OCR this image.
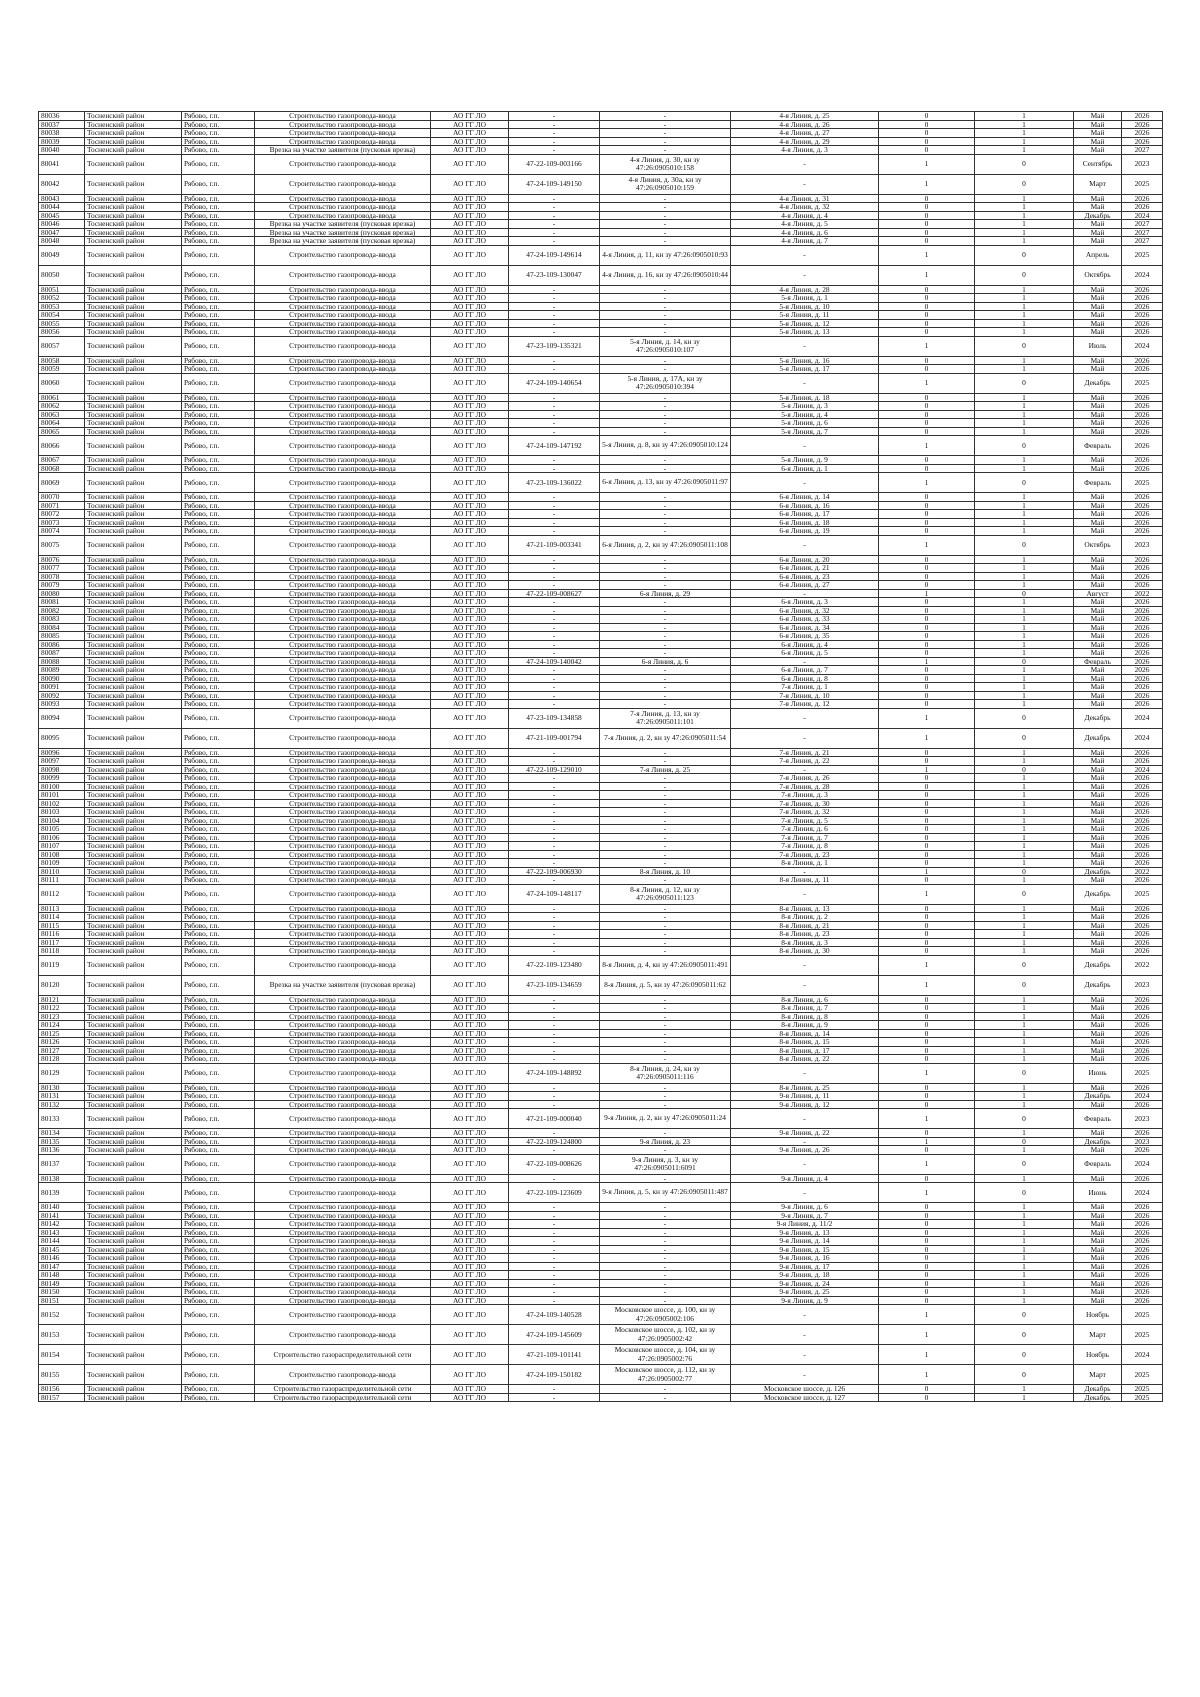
80036	Тосненский район	Рябово, г.п.	Строительство газопровода-ввода	АО ГГ ЛО	-	-	4-я Линия, д. 25	0	1	Май	2026
80037	Тосненский район	Рябово, г.п.	Строительство газопровода-ввода	АО ГГ ЛО	-	-	4-я Линия, д. 26	0	1	Май	2026
80038	Тосненский район	Рябово, г.п.	Строительство газопровода-ввода	АО ГГ ЛО	-	-	4-я Линия, д. 27	0	1	Май	2026
80039	Тосненский район	Рябово, г.п.	Строительство газопровода-ввода	АО ГГ ЛО	-	-	4-я Линия, д. 29	0	1	Май	2026
80040	Тосненский район	Рябово, г.п.	Врезка на участке заявителя (пусковая врезка)	АО ГГ ЛО	-	-	4-я Линия, д. 3	0	1	Май	2027
80041	Тосненский район	Рябово, г.п.	Строительство газопровода-ввода	АО ГГ ЛО	47-22-109-003166	4-я Линия, д. 30, кн зу 47:26:0905010:158	-	1	0	Сентябрь	2023
80042	Тосненский район	Рябово, г.п.	Строительство газопровода-ввода	АО ГГ ЛО	47-24-109-149150	4-я Линия, д. 30а, кн зу 47:26:0905010:159	-	1	0	Март	2025
80043	Тосненский район	Рябово, г.п.	Строительство газопровода-ввода	АО ГГ ЛО	-	-	4-я Линия, д. 31	0	1	Май	2026
80044	Тосненский район	Рябово, г.п.	Строительство газопровода-ввода	АО ГГ ЛО	-	-	4-я Линия, д. 32	0	1	Май	2026
80045	Тосненский район	Рябово, г.п.	Строительство газопровода-ввода	АО ГГ ЛО	-	-	4-я Линия, д. 4	0	1	Декабрь	2024
80046	Тосненский район	Рябово, г.п.	Врезка на участке заявителя (пусковая врезка)	АО ГГ ЛО	-	-	4-я Линия, д. 5	0	1	Май	2027
80047	Тосненский район	Рябово, г.п.	Врезка на участке заявителя (пусковая врезка)	АО ГГ ЛО	-	-	4-я Линия, д. 6	0	1	Май	2027
80048	Тосненский район	Рябово, г.п.	Врезка на участке заявителя (пусковая врезка)	АО ГГ ЛО	-	-	4-я Линия, д. 7	0	1	Май	2027
80049	Тосненский район	Рябово, г.п.	Строительство газопровода-ввода	АО ГГ ЛО	47-24-109-149614	4-я Линия, д. 11, кн зу 47:26:0905010:93	-	1	0	Апрель	2025
80050	Тосненский район	Рябово, г.п.	Строительство газопровода-ввода	АО ГГ ЛО	47-23-109-130047	4-я Линия, д. 16, кн зу 47:26:0905010:44	-	1	0	Октябрь	2024
80051	Тосненский район	Рябово, г.п.	Строительство газопровода-ввода	АО ГГ ЛО	-	-	4-я Линия, д. 28	0	1	Май	2026
80052	Тосненский район	Рябово, г.п.	Строительство газопровода-ввода	АО ГГ ЛО	-	-	5-я Линия, д. 1	0	1	Май	2026
80053	Тосненский район	Рябово, г.п.	Строительство газопровода-ввода	АО ГГ ЛО	-	-	5-я Линия, д. 10	0	1	Май	2026
80054	Тосненский район	Рябово, г.п.	Строительство газопровода-ввода	АО ГГ ЛО	-	-	5-я Линия, д. 11	0	1	Май	2026
80055	Тосненский район	Рябово, г.п.	Строительство газопровода-ввода	АО ГГ ЛО	-	-	5-я Линия, д. 12	0	1	Май	2026
80056	Тосненский район	Рябово, г.п.	Строительство газопровода-ввода	АО ГГ ЛО	-	-	5-я Линия, д. 13	0	1	Май	2026
80057	Тосненский район	Рябово, г.п.	Строительство газопровода-ввода	АО ГГ ЛО	47-23-109-135321	5-я Линия, д. 14, кн зу 47:26:0905010:107	-	1	0	Июль	2024
80058	Тосненский район	Рябово, г.п.	Строительство газопровода-ввода	АО ГГ ЛО	-	-	5-я Линия, д. 16	0	1	Май	2026
80059	Тосненский район	Рябово, г.п.	Строительство газопровода-ввода	АО ГГ ЛО	-	-	5-я Линия, д. 17	0	1	Май	2026
80060	Тосненский район	Рябово, г.п.	Строительство газопровода-ввода	АО ГГ ЛО	47-24-109-140654	5-я Линия, д. 17А, кн зу 47:26:0905010:394	-	1	0	Декабрь	2025
80061	Тосненский район	Рябово, г.п.	Строительство газопровода-ввода	АО ГГ ЛО	-	-	5-я Линия, д. 18	0	1	Май	2026
80062	Тосненский район	Рябово, г.п.	Строительство газопровода-ввода	АО ГГ ЛО	-	-	5-я Линия, д. 3	0	1	Май	2026
80063	Тосненский район	Рябово, г.п.	Строительство газопровода-ввода	АО ГГ ЛО	-	-	5-я Линия, д. 4	0	1	Май	2026
80064	Тосненский район	Рябово, г.п.	Строительство газопровода-ввода	АО ГГ ЛО	-	-	5-я Линия, д. 6	0	1	Май	2026
80065	Тосненский район	Рябово, г.п.	Строительство газопровода-ввода	АО ГГ ЛО	-	-	5-я Линия, д. 7	0	1	Май	2026
80066	Тосненский район	Рябово, г.п.	Строительство газопровода-ввода	АО ГГ ЛО	47-24-109-147192	5-я Линия, д. 8, кн зу 47:26:0905010:124	-	1	0	Февраль	2026
80067	Тосненский район	Рябово, г.п.	Строительство газопровода-ввода	АО ГГ ЛО	-	-	5-я Линия, д. 9	0	1	Май	2026
80068	Тосненский район	Рябово, г.п.	Строительство газопровода-ввода	АО ГГ ЛО	-	-	6-я Линия, д. 1	0	1	Май	2026
80069	Тосненский район	Рябово, г.п.	Строительство газопровода-ввода	АО ГГ ЛО	47-23-109-136022	6-я Линия, д. 13, кн зу 47:26:0905011:97	-	1	0	Февраль	2025
80070	Тосненский район	Рябово, г.п.	Строительство газопровода-ввода	АО ГГ ЛО	-	-	6-я Линия, д. 14	0	1	Май	2026
80071	Тосненский район	Рябово, г.п.	Строительство газопровода-ввода	АО ГГ ЛО	-	-	6-я Линия, д. 16	0	1	Май	2026
80072	Тосненский район	Рябово, г.п.	Строительство газопровода-ввода	АО ГГ ЛО	-	-	6-я Линия, д. 17	0	1	Май	2026
80073	Тосненский район	Рябово, г.п.	Строительство газопровода-ввода	АО ГГ ЛО	-	-	6-я Линия, д. 18	0	1	Май	2026
80074	Тосненский район	Рябово, г.п.	Строительство газопровода-ввода	АО ГГ ЛО	-	-	6-я Линия, д. 19	0	1	Май	2026
80075	Тосненский район	Рябово, г.п.	Строительство газопровода-ввода	АО ГГ ЛО	47-21-109-003341	6-я Линия, д. 2, кн зу 47:26:0905011:108	-	1	0	Октябрь	2023
80076	Тосненский район	Рябово, г.п.	Строительство газопровода-ввода	АО ГГ ЛО	-	-	6-я Линия, д. 20	0	1	Май	2026
80077	Тосненский район	Рябово, г.п.	Строительство газопровода-ввода	АО ГГ ЛО	-	-	6-я Линия, д. 21	0	1	Май	2026
80078	Тосненский район	Рябово, г.п.	Строительство газопровода-ввода	АО ГГ ЛО	-	-	6-я Линия, д. 23	0	1	Май	2026
80079	Тосненский район	Рябово, г.п.	Строительство газопровода-ввода	АО ГГ ЛО	-	-	6-я Линия, д. 27	0	1	Май	2026
80080	Тосненский район	Рябово, г.п.	Строительство газопровода-ввода	АО ГГ ЛО	47-22-109-008627	6-я Линия, д. 29	-	1	0	Август	2022
80081	Тосненский район	Рябово, г.п.	Строительство газопровода-ввода	АО ГГ ЛО	-	-	6-я Линия, д. 3	0	1	Май	2026
80082	Тосненский район	Рябово, г.п.	Строительство газопровода-ввода	АО ГГ ЛО	-	-	6-я Линия, д. 32	0	1	Май	2026
80083	Тосненский район	Рябово, г.п.	Строительство газопровода-ввода	АО ГГ ЛО	-	-	6-я Линия, д. 33	0	1	Май	2026
80084	Тосненский район	Рябово, г.п.	Строительство газопровода-ввода	АО ГГ ЛО	-	-	6-я Линия, д. 34	0	1	Май	2026
80085	Тосненский район	Рябово, г.п.	Строительство газопровода-ввода	АО ГГ ЛО	-	-	6-я Линия, д. 35	0	1	Май	2026
80086	Тосненский район	Рябово, г.п.	Строительство газопровода-ввода	АО ГГ ЛО	-	-	6-я Линия, д. 4	0	1	Май	2026
80087	Тосненский район	Рябово, г.п.	Строительство газопровода-ввода	АО ГГ ЛО	-	-	6-я Линия, д. 5	0	1	Май	2026
80088	Тосненский район	Рябово, г.п.	Строительство газопровода-ввода	АО ГГ ЛО	47-24-109-140042	6-я Линия, д. 6	-	1	0	Февраль	2026
80089	Тосненский район	Рябово, г.п.	Строительство газопровода-ввода	АО ГГ ЛО	-	-	6-я Линия, д. 7	0	1	Май	2026
80090	Тосненский район	Рябово, г.п.	Строительство газопровода-ввода	АО ГГ ЛО	-	-	6-я Линия, д. 8	0	1	Май	2026
80091	Тосненский район	Рябово, г.п.	Строительство газопровода-ввода	АО ГГ ЛО	-	-	7-я Линия, д. 1	0	1	Май	2026
80092	Тосненский район	Рябово, г.п.	Строительство газопровода-ввода	АО ГГ ЛО	-	-	7-я Линия, д. 10	0	1	Май	2026
80093	Тосненский район	Рябово, г.п.	Строительство газопровода-ввода	АО ГГ ЛО	-	-	7-я Линия, д. 12	0	1	Май	2026
80094	Тосненский район	Рябово, г.п.	Строительство газопровода-ввода	АО ГГ ЛО	47-23-109-134858	7-я Линия, д. 13, кн зу 47:26:0905011:101	-	1	0	Декабрь	2024
80095	Тосненский район	Рябово, г.п.	Строительство газопровода-ввода	АО ГГ ЛО	47-21-109-001794	7-я Линия, д. 2, кн зу 47:26:0905011:54	-	1	0	Декабрь	2024
80096	Тосненский район	Рябово, г.п.	Строительство газопровода-ввода	АО ГГ ЛО	-	-	7-я Линия, д. 21	0	1	Май	2026
80097	Тосненский район	Рябово, г.п.	Строительство газопровода-ввода	АО ГГ ЛО	-	-	7-я Линия, д. 22	0	1	Май	2026
80098	Тосненский район	Рябово, г.п.	Строительство газопровода-ввода	АО ГГ ЛО	47-22-109-129010	7-я Линия, д. 25	-	1	0	Май	2024
80099	Тосненский район	Рябово, г.п.	Строительство газопровода-ввода	АО ГГ ЛО	-	-	7-я Линия, д. 26	0	1	Май	2026
80100	Тосненский район	Рябово, г.п.	Строительство газопровода-ввода	АО ГГ ЛО	-	-	7-я Линия, д. 28	0	1	Май	2026
80101	Тосненский район	Рябово, г.п.	Строительство газопровода-ввода	АО ГГ ЛО	-	-	7-я Линия, д. 3	0	1	Май	2026
80102	Тосненский район	Рябово, г.п.	Строительство газопровода-ввода	АО ГГ ЛО	-	-	7-я Линия, д. 30	0	1	Май	2026
80103	Тосненский район	Рябово, г.п.	Строительство газопровода-ввода	АО ГГ ЛО	-	-	7-я Линия, д. 32	0	1	Май	2026
80104	Тосненский район	Рябово, г.п.	Строительство газопровода-ввода	АО ГГ ЛО	-	-	7-я Линия, д. 5	0	1	Май	2026
80105	Тосненский район	Рябово, г.п.	Строительство газопровода-ввода	АО ГГ ЛО	-	-	7-я Линия, д. 6	0	1	Май	2026
80106	Тосненский район	Рябово, г.п.	Строительство газопровода-ввода	АО ГГ ЛО	-	-	7-я Линия, д. 7	0	1	Май	2026
80107	Тосненский район	Рябово, г.п.	Строительство газопровода-ввода	АО ГГ ЛО	-	-	7-я Линия, д. 8	0	1	Май	2026
80108	Тосненский район	Рябово, г.п.	Строительство газопровода-ввода	АО ГГ ЛО	-	-	7-я Линия, д. 23	0	1	Май	2026
80109	Тосненский район	Рябово, г.п.	Строительство газопровода-ввода	АО ГГ ЛО	-	-	8-я Линия, д. 1	0	1	Май	2026
80110	Тосненский район	Рябово, г.п.	Строительство газопровода-ввода	АО ГГ ЛО	47-22-109-006930	8-я Линия, д. 10	-	1	0	Декабрь	2022
80111	Тосненский район	Рябово, г.п.	Строительство газопровода-ввода	АО ГГ ЛО	-	-	8-я Линия, д. 11	0	1	Май	2026
80112	Тосненский район	Рябово, г.п.	Строительство газопровода-ввода	АО ГГ ЛО	47-24-109-148117	8-я Линия, д. 12, кн зу 47:26:0905011:123	-	1	0	Декабрь	2025
80113	Тосненский район	Рябово, г.п.	Строительство газопровода-ввода	АО ГГ ЛО	-	-	8-я Линия, д. 13	0	1	Май	2026
80114	Тосненский район	Рябово, г.п.	Строительство газопровода-ввода	АО ГГ ЛО	-	-	8-я Линия, д. 2	0	1	Май	2026
80115	Тосненский район	Рябово, г.п.	Строительство газопровода-ввода	АО ГГ ЛО	-	-	8-я Линия, д. 21	0	1	Май	2026
80116	Тосненский район	Рябово, г.п.	Строительство газопровода-ввода	АО ГГ ЛО	-	-	8-я Линия, д. 23	0	1	Май	2026
80117	Тосненский район	Рябово, г.п.	Строительство газопровода-ввода	АО ГГ ЛО	-	-	8-я Линия, д. 3	0	1	Май	2026
80118	Тосненский район	Рябово, г.п.	Строительство газопровода-ввода	АО ГГ ЛО	-	-	8-я Линия, д. 30	0	1	Май	2026
80119	Тосненский район	Рябово, г.п.	Строительство газопровода-ввода	АО ГГ ЛО	47-22-109-123480	8-я Линия, д. 4, кн зу 47:26:0905011:491	-	1	0	Декабрь	2022
80120	Тосненский район	Рябово, г.п.	Врезка на участке заявителя (пусковая врезка)	АО ГГ ЛО	47-23-109-134659	8-я Линия, д. 5, кн зу 47:26:0905011:62	-	1	0	Декабрь	2023
80121	Тосненский район	Рябово, г.п.	Строительство газопровода-ввода	АО ГГ ЛО	-	-	8-я Линия, д. 6	0	1	Май	2026
80122	Тосненский район	Рябово, г.п.	Строительство газопровода-ввода	АО ГГ ЛО	-	-	8-я Линия, д. 7	0	1	Май	2026
80123	Тосненский район	Рябово, г.п.	Строительство газопровода-ввода	АО ГГ ЛО	-	-	8-я Линия, д. 8	0	1	Май	2026
80124	Тосненский район	Рябово, г.п.	Строительство газопровода-ввода	АО ГГ ЛО	-	-	8-я Линия, д. 9	0	1	Май	2026
80125	Тосненский район	Рябово, г.п.	Строительство газопровода-ввода	АО ГГ ЛО	-	-	8-я Линия, д. 14	0	1	Май	2026
80126	Тосненский район	Рябово, г.п.	Строительство газопровода-ввода	АО ГГ ЛО	-	-	8-я Линия, д. 15	0	1	Май	2026
80127	Тосненский район	Рябово, г.п.	Строительство газопровода-ввода	АО ГГ ЛО	-	-	8-я Линия, д. 17	0	1	Май	2026
80128	Тосненский район	Рябово, г.п.	Строительство газопровода-ввода	АО ГГ ЛО	-	-	8-я Линия, д. 22	0	1	Май	2026
80129	Тосненский район	Рябово, г.п.	Строительство газопровода-ввода	АО ГГ ЛО	47-24-109-148892	8-я Линия, д. 24, кн зу 47:26:0905011:116	-	1	0	Июнь	2025
80130	Тосненский район	Рябово, г.п.	Строительство газопровода-ввода	АО ГГ ЛО	-	-	8-я Линия, д. 25	0	1	Май	2026
80131	Тосненский район	Рябово, г.п.	Строительство газопровода-ввода	АО ГГ ЛО	-	-	9-я Линия, д. 11	0	1	Декабрь	2024
80132	Тосненский район	Рябово, г.п.	Строительство газопровода-ввода	АО ГГ ЛО	-	-	9-я Линия, д. 12	0	1	Май	2026
80133	Тосненский район	Рябово, г.п.	Строительство газопровода-ввода	АО ГГ ЛО	47-21-109-000040	9-я Линия, д. 2, кн зу 47:26:0905011:24	-	1	0	Февраль	2023
80134	Тосненский район	Рябово, г.п.	Строительство газопровода-ввода	АО ГГ ЛО	-	-	9-я Линия, д. 22	0	1	Май	2026
80135	Тосненский район	Рябово, г.п.	Строительство газопровода-ввода	АО ГГ ЛО	47-22-109-124800	9-я Линия, д. 23	-	1	0	Декабрь	2023
80136	Тосненский район	Рябово, г.п.	Строительство газопровода-ввода	АО ГГ ЛО	-	-	9-я Линия, д. 26	0	1	Май	2026
80137	Тосненский район	Рябово, г.п.	Строительство газопровода-ввода	АО ГГ ЛО	47-22-109-008626	9-я Линия, д. 3, кн зу 47:26:0905011:6091	-	1	0	Февраль	2024
80138	Тосненский район	Рябово, г.п.	Строительство газопровода-ввода	АО ГГ ЛО	-	-	9-я Линия, д. 4	0	1	Май	2026
80139	Тосненский район	Рябово, г.п.	Строительство газопровода-ввода	АО ГГ ЛО	47-22-109-123609	9-я Линия, д. 5, кн зу 47:26:0905011:487	-	1	0	Июнь	2024
80140	Тосненский район	Рябово, г.п.	Строительство газопровода-ввода	АО ГГ ЛО	-	-	9-я Линия, д. 6	0	1	Май	2026
80141	Тосненский район	Рябово, г.п.	Строительство газопровода-ввода	АО ГГ ЛО	-	-	9-я Линия, д. 7	0	1	Май	2026
80142	Тосненский район	Рябово, г.п.	Строительство газопровода-ввода	АО ГГ ЛО	-	-	9-я Линия, д. 11/2	0	1	Май	2026
80143	Тосненский район	Рябово, г.п.	Строительство газопровода-ввода	АО ГГ ЛО	-	-	9-я Линия, д. 13	0	1	Май	2026
80144	Тосненский район	Рябово, г.п.	Строительство газопровода-ввода	АО ГГ ЛО	-	-	9-я Линия, д. 14	0	1	Май	2026
80145	Тосненский район	Рябово, г.п.	Строительство газопровода-ввода	АО ГГ ЛО	-	-	9-я Линия, д. 15	0	1	Май	2026
80146	Тосненский район	Рябово, г.п.	Строительство газопровода-ввода	АО ГГ ЛО	-	-	9-я Линия, д. 16	0	1	Май	2026
80147	Тосненский район	Рябово, г.п.	Строительство газопровода-ввода	АО ГГ ЛО	-	-	9-я Линия, д. 17	0	1	Май	2026
80148	Тосненский район	Рябово, г.п.	Строительство газопровода-ввода	АО ГГ ЛО	-	-	9-я Линия, д. 18	0	1	Май	2026
80149	Тосненский район	Рябово, г.п.	Строительство газопровода-ввода	АО ГГ ЛО	-	-	9-я Линия, д. 24	0	1	Май	2026
80150	Тосненский район	Рябово, г.п.	Строительство газопровода-ввода	АО ГГ ЛО	-	-	9-я Линия, д. 25	0	1	Май	2026
80151	Тосненский район	Рябово, г.п.	Строительство газопровода-ввода	АО ГГ ЛО	-	-	9-я Линия, д. 9	0	1	Май	2026
80152	Тосненский район	Рябово, г.п.	Строительство газопровода-ввода	АО ГГ ЛО	47-24-109-140528	Московское шоссе, д. 100, кн зу 47:26:0905002:106	-	1	0	Ноябрь	2025
80153	Тосненский район	Рябово, г.п.	Строительство газопровода-ввода	АО ГГ ЛО	47-24-109-145609	Московское шоссе, д. 102, кн зу 47:26:0905002:42	-	1	0	Март	2025
80154	Тосненский район	Рябово, г.п.	Строительство газораспределительной сети	АО ГГ ЛО	47-21-109-101141	Московское шоссе, д. 104, кн зу 47:26:0905002:76	-	1	0	Ноябрь	2024
80155	Тосненский район	Рябово, г.п.	Строительство газопровода-ввода	АО ГГ ЛО	47-24-109-150182	Московское шоссе, д. 112, кн зу 47:26:0905002:77	-	1	0	Март	2025
80156	Тосненский район	Рябово, г.п.	Строительство газораспределительной сети	АО ГГ ЛО	-	-	Московское шоссе, д. 126	0	1	Декабрь	2025
80157	Тосненский район	Рябово, г.п.	Строительство газораспределительной сети	АО ГГ ЛО	-	-	Московское шоссе, д. 127	0	1	Декабрь	2025
